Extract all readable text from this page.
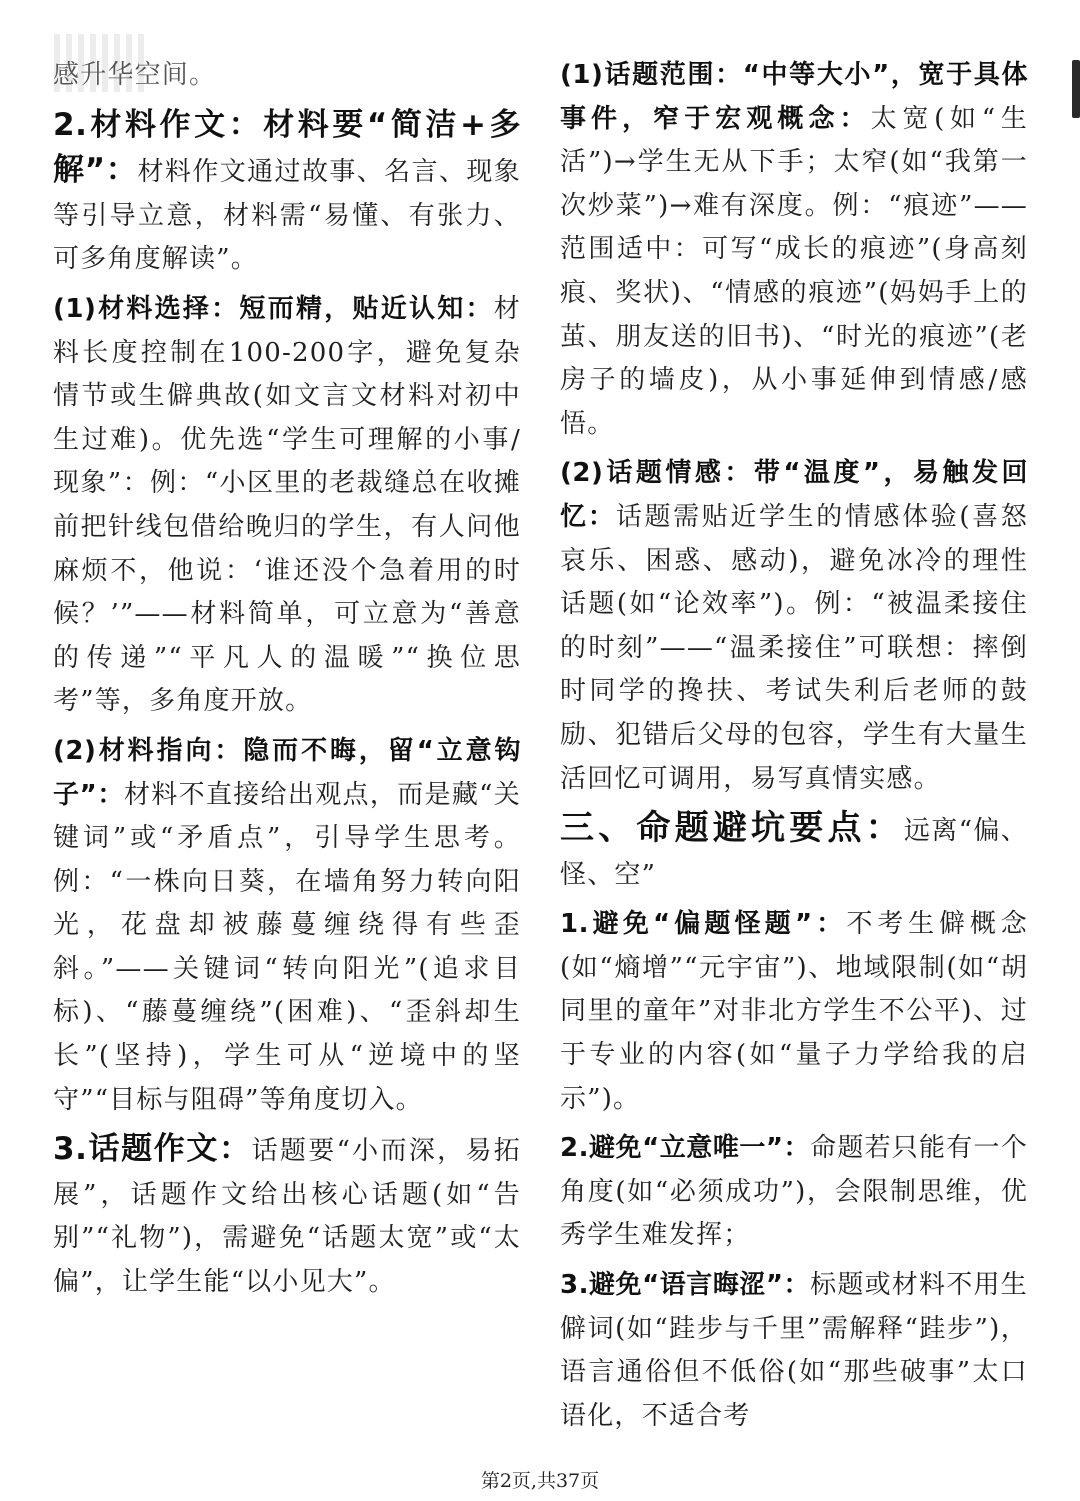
感升华空间。

2.材料作文：材料要“简洁+多解”：材料作文通过故事、名言、现象等引导立意，材料需“易懂、有张力、可多角度解读”。

(1)材料选择：短而精，贴近认知：材料长度控制在100-200字，避免复杂情节或生僻典故(如文言文材料对初中生过难)。优先选“学生可理解的小事/现象”：例：“小区里的老裁缝总在收摊前把针线包借给晚归的学生，有人问他麻烦不，他说：‘谁还没个急着用的时候？’”——材料简单，可立意为“善意的传递”“平凡人的温暖”“换位思考”等，多角度开放。

(2)材料指向：隐而不晦，留“立意钩子”：材料不直接给出观点，而是藏“关键词”或“矛盾点”，引导学生思考。例：“一株向日葵，在墙角努力转向阳光，花盘却被藤蔓缠绕得有些歪斜。”——关键词“转向阳光”(追求目标)、“藤蔓缠绕”(困难)、“歪斜却生长”(坚持)，学生可从“逆境中的坚守”“目标与阻碍”等角度切入。

3.话题作文：话题要“小而深，易拓展”，话题作文给出核心话题(如“告别”“礼物”)，需避免“话题太宽”或“太偏”，让学生能“以小见大”。

(1)话题范围：“中等大小”，宽于具体事件，窄于宏观概念：太宽(如“生活”)→学生无从下手；太窄(如“我第一次炒菜”)→难有深度。例：“痕迹”——范围适中：可写“成长的痕迹”(身高刻痕、奖状)、“情感的痕迹”(妈妈手上的茧、朋友送的旧书)、“时光的痕迹”(老房子的墙皮)，从小事延伸到情感/感悟。

(2)话题情感：带“温度”，易触发回忆：话题需贴近学生的情感体验(喜怒哀乐、困惑、感动)，避免冰冷的理性话题(如“论效率”)。例：“被温柔接住的时刻”——“温柔接住”可联想：摔倒时同学的搀扶、考试失利后老师的鼓励、犯错后父母的包容，学生有大量生活回忆可调用，易写真情实感。

三、命题避坑要点：远离“偏、怪、空”

1.避免“偏题怪题”：不考生僻概念(如“熵增”“元宇宙”)、地域限制(如“胡同里的童年”对非北方学生不公平)、过于专业的内容(如“量子力学给我的启示”)。

2.避免“立意唯一”：命题若只能有一个角度(如“必须成功”)，会限制思维，优秀学生难发挥；

3.避免“语言晦涩”：标题或材料不用生僻词(如“跬步与千里”需解释“跬步”)，语言通俗但不低俗(如“那些破事”太口语化，不适合考

第2页,共37页
